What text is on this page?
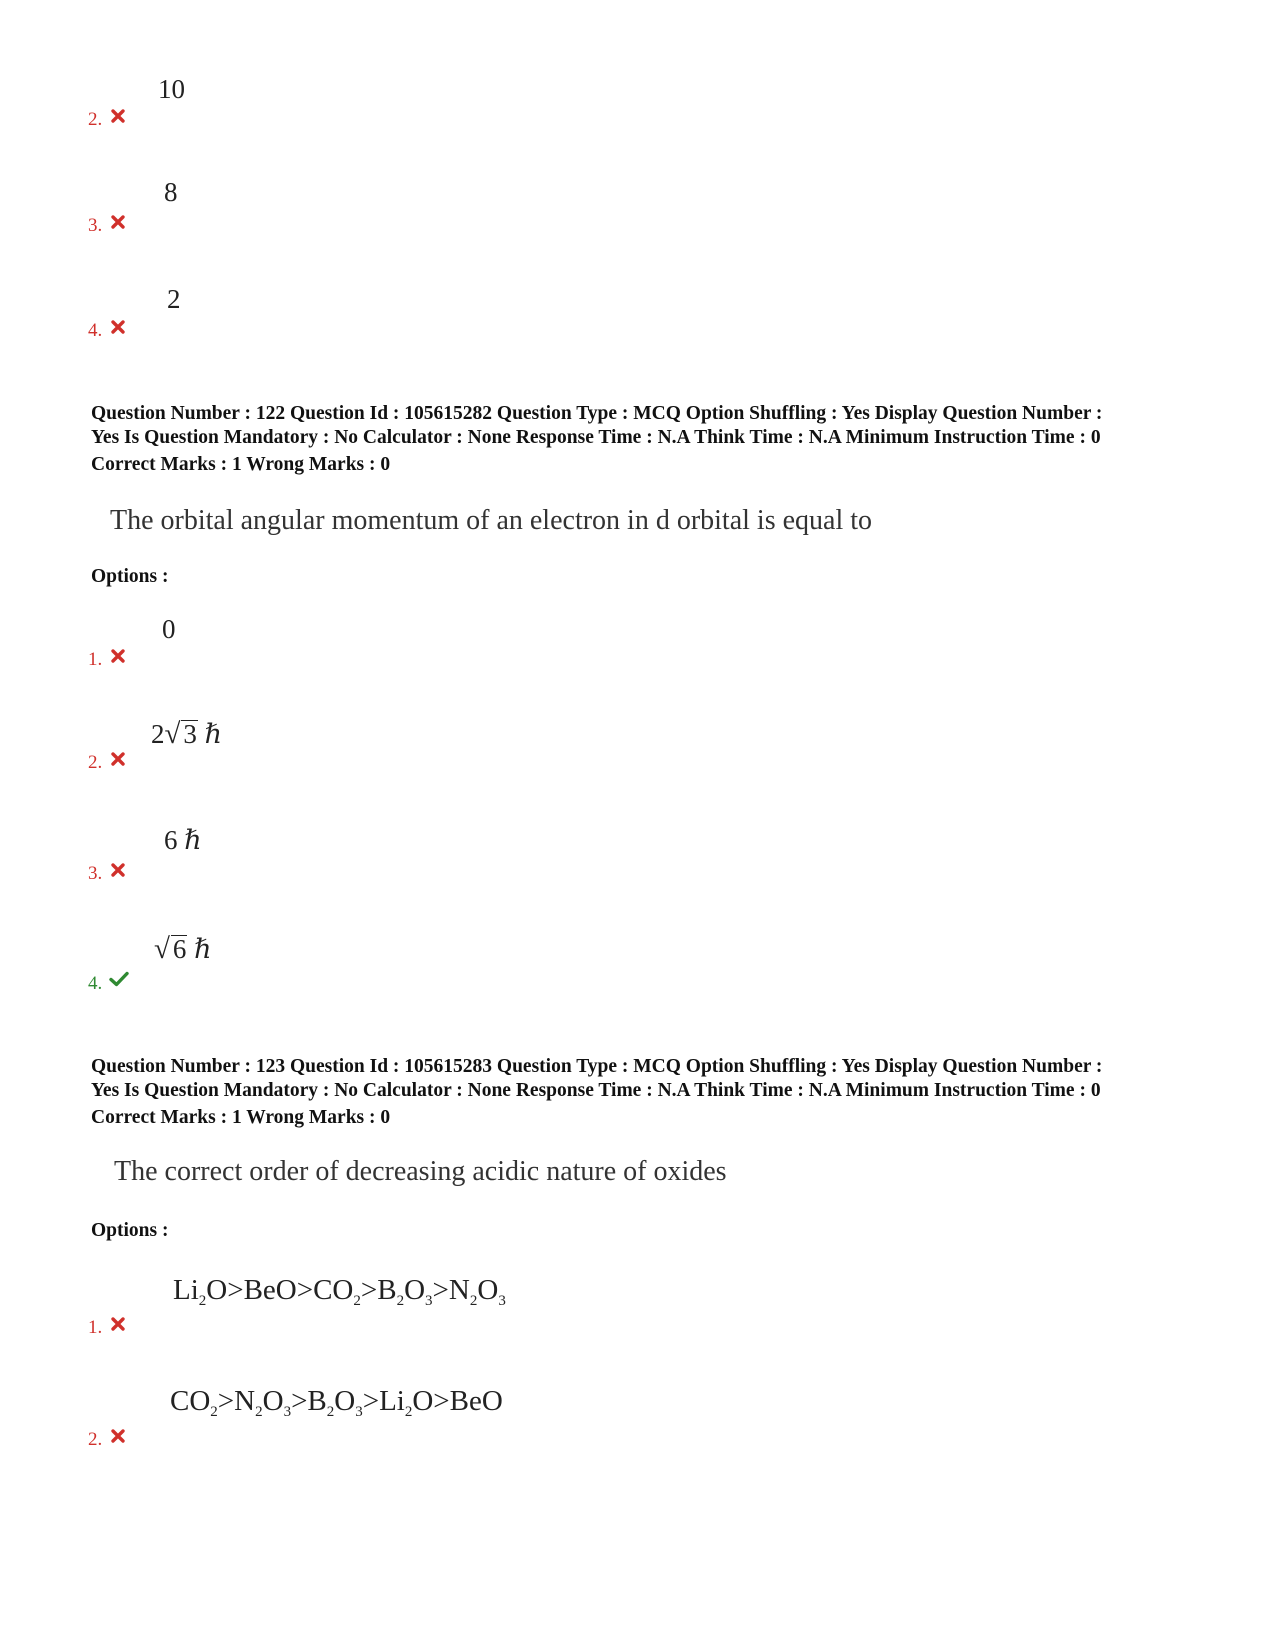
10
2.
8
3.
2
4.
Question Number : 122 Question Id : 105615282 Question Type : MCQ Option Shuffling : Yes Display Question Number :
Yes Is Question Mandatory : No Calculator : None Response Time : N.A Think Time : N.A Minimum Instruction Time : 0
Correct Marks : 1 Wrong Marks : 0
The orbital angular momentum of an electron in d orbital is equal to
Options :
0
1.
2√ 3 ℏ
2.
6 ℏ
3.
√ 6 ℏ
4.
Question Number : 123 Question Id : 105615283 Question Type : MCQ Option Shuffling : Yes Display Question Number :
Yes Is Question Mandatory : No Calculator : None Response Time : N.A Think Time : N.A Minimum Instruction Time : 0
Correct Marks : 1 Wrong Marks : 0
The correct order of decreasing acidic nature of oxides
Options :
$Li_2O>BeO>CO_2>B_2O_3>N_2O_3$
1.
$CO_2>N_2O_3>B_2O_3>Li_2O>BeO$
2.
